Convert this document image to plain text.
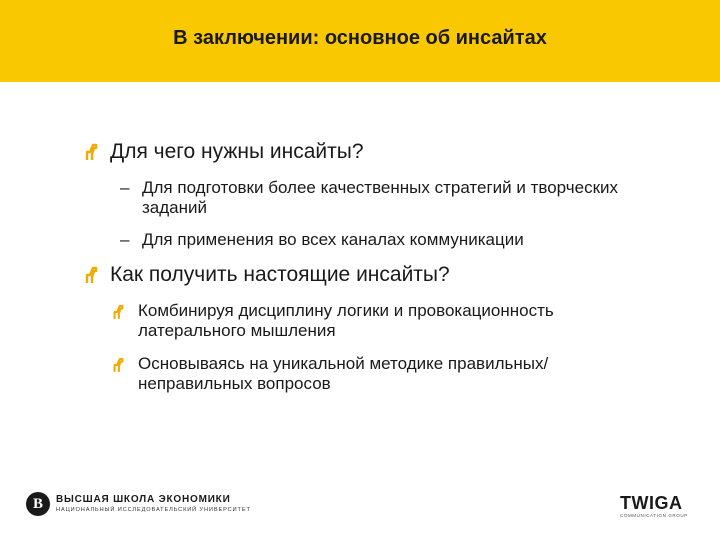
В заключении: основное об инсайтах
Для чего нужны инсайты?
– Для подготовки более качественных стратегий и творческих заданий
– Для применения во всех каналах коммуникации
Как получить настоящие инсайты?
Комбинируя дисциплину логики и провокационность латерального мышления
Основываясь на уникальной методике правильных/неправильных вопросов
B
ВЫСШАЯ ШКОЛА ЭКОНОМИКИ
НАЦИОНАЛЬНЫЙ ИССЛЕДОВАТЕЛЬСКИЙ УНИВЕРСИТЕТ	TWIGA
COMMUNICATION GROUP
